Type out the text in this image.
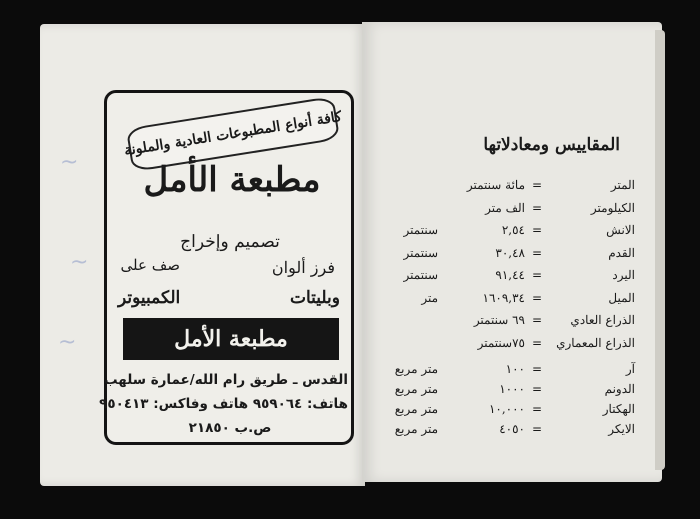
~
~
~
كافة أنواع المطبوعات العادية والملونة
مطبعة الأمل
تصميم وإخراج
فرز ألوان
صف على
وبليتات
الكمبيوتر
مطبعة الأمل
القدس ـ طريق رام الله/عمارة سلهب
هاتف: ٩٥٩٠٦٤ هاتف وفاكس: ٩٥٠٤١٣
ص.ب ٢١٨٥٠
المقاييس ومعادلاتها
المتر
=
مائة سنتمتر
الكيلومتر
=
الف متر
الانش
=
٢,٥٤
سنتمتر
القدم
=
٣٠,٤٨
سنتمتر
اليرد
=
٩١,٤٤
سنتمتر
الميل
=
١٦٠٩,٣٤
متر
الذراع العادي
=
٦٩ سنتمتر
الذراع المعماري
=
٧٥سنتمتر
آر
=
١٠٠
متر مربع
الدونم
=
١٠٠٠
متر مربع
الهكتار
=
١٠,٠٠٠
متر مربع
الايكر
=
٤٠٥٠
متر مربع
